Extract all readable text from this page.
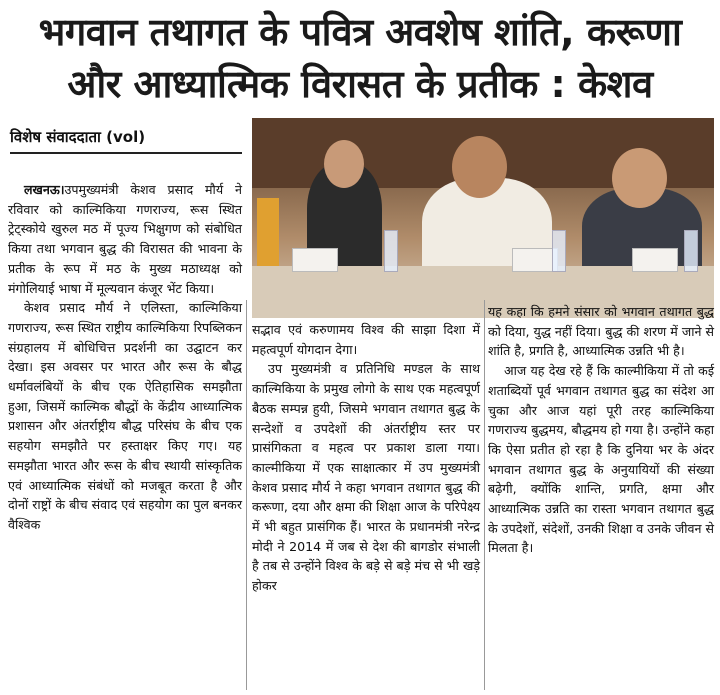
भगवान तथागत के पवित्र अवशेष शांति, करूणा
और आध्यात्मिक विरासत के प्रतीक : केशव
विशेष संवाददाता (vol)

लखनऊ।उपमुख्यमंत्री केशव प्रसाद मौर्य ने रविवार को काल्मिकिया गणराज्य, रूस स्थित ट्रेट्स्कोये खुरुल मठ में पूज्य भिक्षुगण को संबोधित किया तथा भगवान बुद्ध की विरासत की भावना के प्रतीक के रूप में मठ के मुख्य मठाध्यक्ष को मंगोलियाई भाषा में मूल्यवान कंजूर भेंट किया।

केशव प्रसाद मौर्य ने एलिस्ता, काल्मिकिया गणराज्य, रूस स्थित राष्ट्रीय काल्मिकिया रिपब्लिकन संग्रहालय में बोधिचित्त प्रदर्शनी का उद्घाटन कर देखा। इस अवसर पर भारत और रूस के बौद्ध धर्मावलंबियों के बीच एक ऐतिहासिक समझौता हुआ, जिसमें काल्मिक बौद्धों के केंद्रीय आध्यात्मिक प्रशासन और अंतर्राष्ट्रीय बौद्ध परिसंघ के बीच एक सहयोग समझौते पर हस्ताक्षर किए गए। यह समझौता भारत और रूस के बीच स्थायी सांस्कृतिक एवं आध्यात्मिक संबंधों को मजबूत करता है और दोनों राष्ट्रों के बीच संवाद एवं सहयोग का पुल बनकर वैश्विक

सद्भाव एवं करुणामय विश्व की साझा दिशा में महत्वपूर्ण योगदान देगा।

उप मुख्यमंत्री व प्रतिनिधि मण्डल के साथ काल्मिकिया के प्रमुख लोगो के साथ एक महत्वपूर्ण बैठक सम्पन्न हुयी, जिसमे भगवान तथागत बुद्ध के सन्देशों व उपदेशों की अंतर्राष्ट्रीय स्तर पर प्रासंगिकता व महत्व पर प्रकाश डाला गया। काल्मीकिया में एक साक्षात्कार में उप मुख्यमंत्री केशव प्रसाद मौर्य ने कहा भगवान तथागत बुद्ध की करूणा, दया और क्षमा की शिक्षा आज के परिपेक्ष्य में भी बहुत प्रासंगिक हैं। भारत के प्रधानमंत्री नरेन्द्र मोदी ने 2014 में जब से देश की बागडोर संभाली है तब से उन्होंने विश्व के बड़े से बड़े मंच से भी खड़े होकर

यह कहा कि हमने संसार को भगवान तथागत बुद्ध को दिया, युद्ध नहीं दिया। बुद्ध की शरण में जाने से शांति है, प्रगति है, आध्यात्मिक उन्नति भी है।

आज यह देख रहे हैं कि काल्मीकिया में तो कई शताब्दियों पूर्व भगवान तथागत बुद्ध का संदेश आ चुका और आज यहां पूरी तरह काल्मिकिया गणराज्य बुद्धमय, बौद्धमय हो गया है। उन्होंने कहा कि ऐसा प्रतीत हो रहा है कि दुनिया भर के अंदर भगवान तथागत बुद्ध के अनुयायियों की संख्या बढ़ेगी, क्योंकि शान्ति, प्रगति, क्षमा और आध्यात्मिक उन्नति का रास्ता भगवान तथागत बुद्ध के उपदेशों, संदेशों, उनकी शिक्षा व उनके जीवन से मिलता है।
